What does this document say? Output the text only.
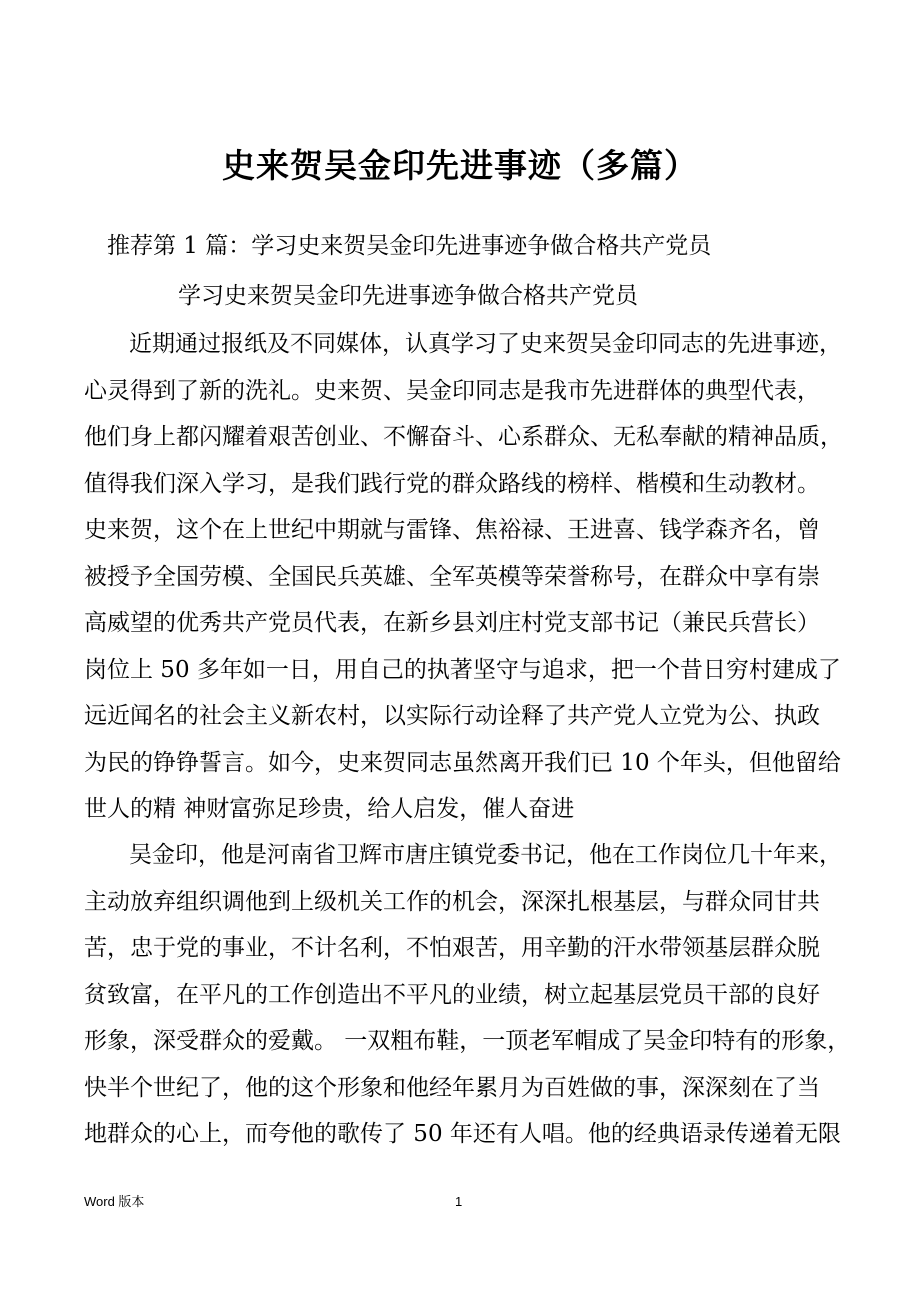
史来贺吴金印先进事迹（多篇）
推荐第 1 篇：学习史来贺吴金印先进事迹争做合格共产党员
学习史来贺吴金印先进事迹争做合格共产党员
近期通过报纸及不同媒体，认真学习了史来贺吴金印同志的先进事迹，
心灵得到了新的洗礼。史来贺、吴金印同志是我市先进群体的典型代表，
他们身上都闪耀着艰苦创业、不懈奋斗、心系群众、无私奉献的精神品质，
值得我们深入学习，是我们践行党的群众路线的榜样、楷模和生动教材。
史来贺，这个在上世纪中期就与雷锋、焦裕禄、王进喜、钱学森齐名，曾
被授予全国劳模、全国民兵英雄、全军英模等荣誉称号，在群众中享有崇
高威望的优秀共产党员代表，在新乡县刘庄村党支部书记（兼民兵营长）
岗位上 50 多年如一日，用自己的执著坚守与追求，把一个昔日穷村建成了
远近闻名的社会主义新农村，以实际行动诠释了共产党人立党为公、执政
为民的铮铮誓言。如今，史来贺同志虽然离开我们已 10 个年头，但他留给
世人的精 神财富弥足珍贵，给人启发，催人奋进
吴金印，他是河南省卫辉市唐庄镇党委书记，他在工作岗位几十年来，
主动放弃组织调他到上级机关工作的机会，深深扎根基层，与群众同甘共
苦，忠于党的事业，不计名利，不怕艰苦，用辛勤的汗水带领基层群众脱
贫致富，在平凡的工作创造出不平凡的业绩，树立起基层党员干部的良好
形象，深受群众的爱戴。 一双粗布鞋，一顶老军帽成了吴金印特有的形象，
快半个世纪了，他的这个形象和他经年累月为百姓做的事，深深刻在了当
地群众的心上，而夸他的歌传了 50 年还有人唱。他的经典语录传递着无限
Word 版本	1
